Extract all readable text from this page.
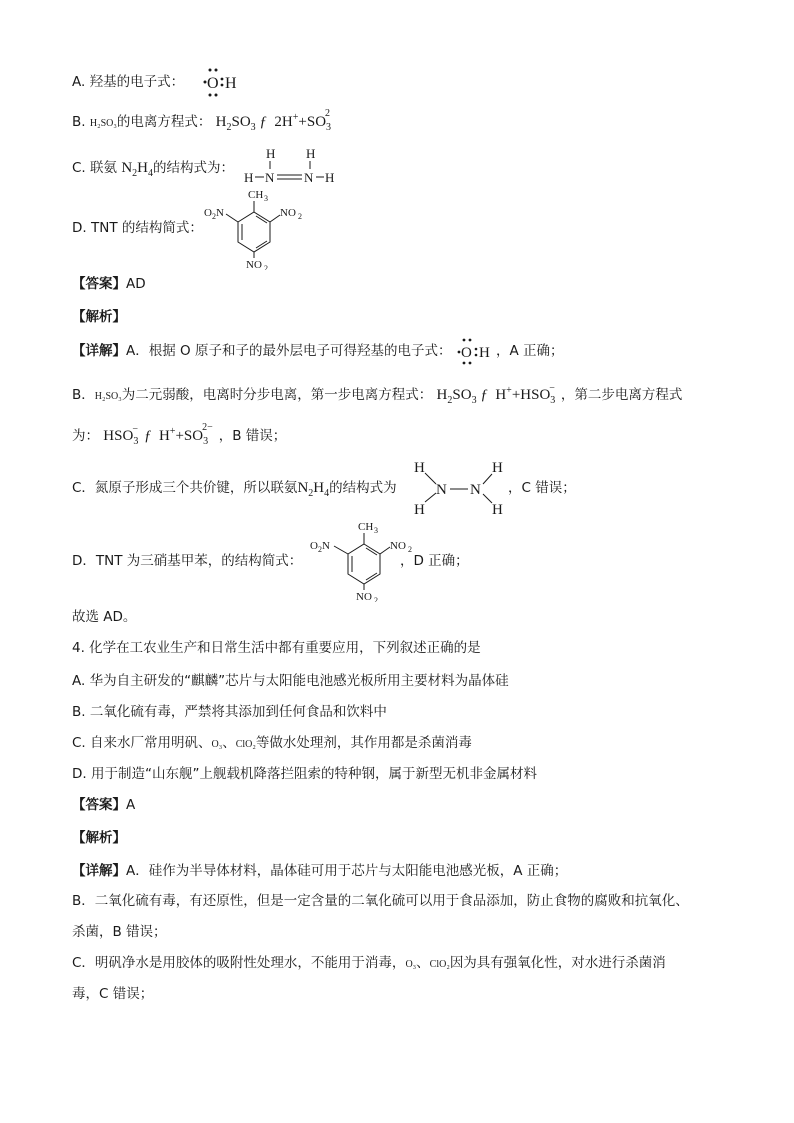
A. 羟基的电子式： O H
B. H₂SO₃的电离方程式： $H_2SO_3$ ƒ  $2H^++SO_3^2$
C. 联氨 $N_2H_4$的结构式为：
H H
H N N H
D. TNT 的结构简式：
CH 3
O 2 N	NO 2
NO 2
【答案】AD
【解析】
【详解】A．根据 O 原子和子的最外层电子可得羟基的电子式： O H ，A 正确；
B．H₂SO₃为二元弱酸，电离时分步电离，第一步电离方程式： $H_2SO_3$ ƒ  $H^++HSO_3^-$ ，第二步电离方程式
为： $HSO_3^-$ ƒ  $H^++SO_3^{2-}$，B 错误；
C．氮原子形成三个共价键，所以联氨$N_2H_4$的结构式为
H
H
N N
H
H
，C 错误；
D．TNT 为三硝基甲苯，的结构简式：
CH 3
O 2 N	NO 2
NO 2
，D 正确；
故选 AD。
4. 化学在工农业生产和日常生活中都有重要应用，下列叙述正确的是
A. 华为自主研发的“麒麟”芯片与太阳能电池感光板所用主要材料为晶体硅
B. 二氧化硫有毒，严禁将其添加到任何食品和饮料中
C. 自来水厂常用明矾、O₃、ClO₂等做水处理剂，其作用都是杀菌消毒
D. 用于制造“山东舰”上舰载机降落拦阻索的特种钢，属于新型无机非金属材料
【答案】A
【解析】
【详解】A．硅作为半导体材料，晶体硅可用于芯片与太阳能电池感光板，A 正确；
B．二氧化硫有毒，有还原性，但是一定含量的二氧化硫可以用于食品添加，防止食物的腐败和抗氧化、
杀菌，B 错误；
C．明矾净水是用胶体的吸附性处理水，不能用于消毒，O₃、ClO₂因为具有强氧化性，对水进行杀菌消
毒，C 错误；
